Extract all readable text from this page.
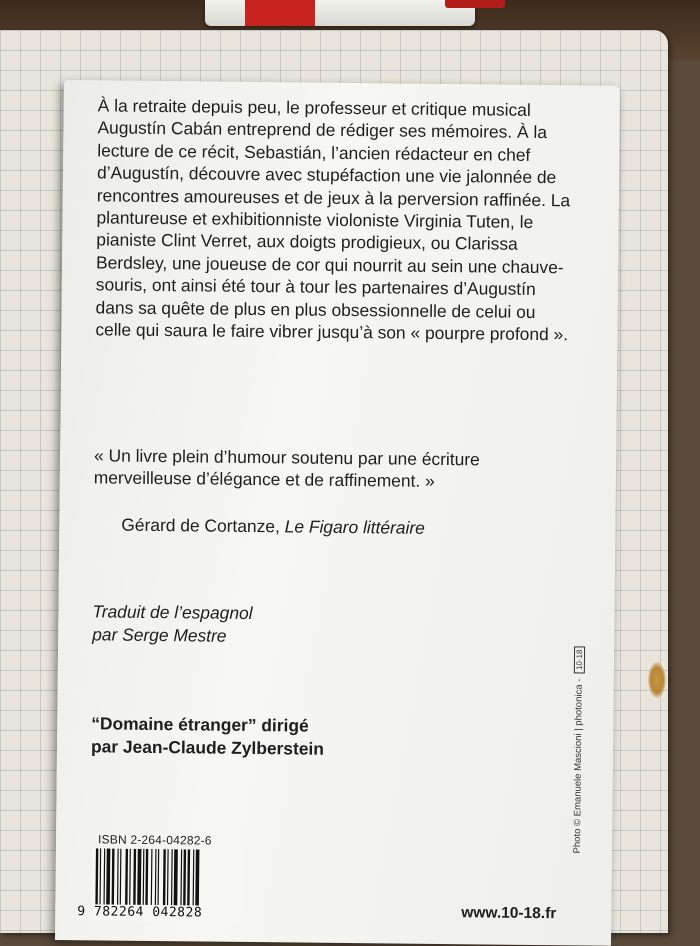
À la retraite depuis peu, le professeur et critique musical Augustín Cabán entreprend de rédiger ses mémoires. À la lecture de ce récit, Sebastián, l’ancien rédacteur en chef d’Augustín, découvre avec stupéfaction une vie jalonnée de rencontres amoureuses et de jeux à la perversion raffinée. La plantureuse et exhibitionniste violoniste Virginia Tuten, le pianiste Clint Verret, aux doigts prodigieux, ou Clarissa Berdsley, une joueuse de cor qui nourrit au sein une chauve-souris, ont ainsi été tour à tour les partenaires d’Augustín dans sa quête de plus en plus obsessionnelle de celui ou celle qui saura le faire vibrer jusqu’à son « pourpre profond ».

« Un livre plein d’humour soutenu par une écriture merveilleuse d’élégance et de raffinement. »

Gérard de Cortanze, Le Figaro littéraire
Traduit de l’espagnol
par Serge Mestre
“Domaine étranger” dirigé
par Jean-Claude Zylberstein	Photo © Emanuele Mascioni | photonica - 10·18
ISBN 2-264-04282-6
9 782264 042828	www.10-18.fr
